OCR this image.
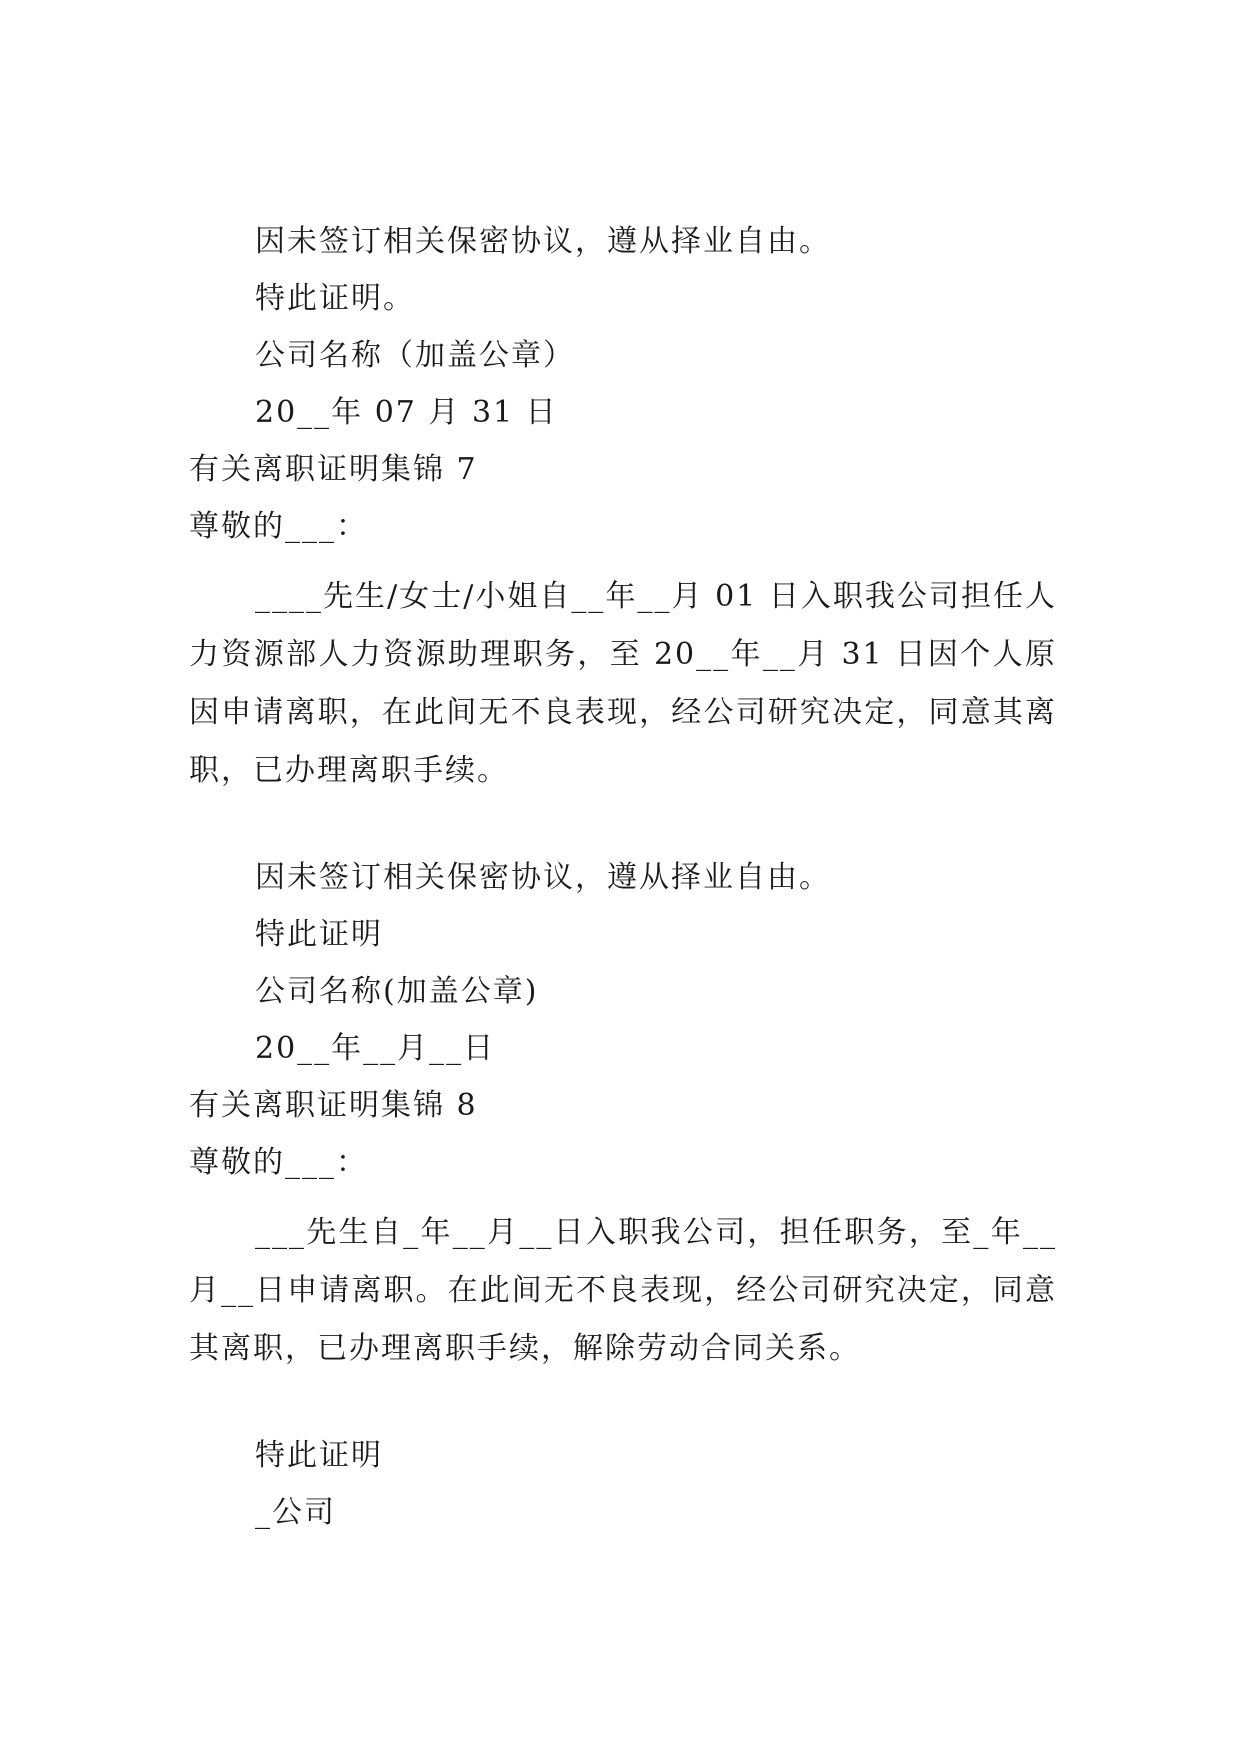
因未签订相关保密协议，遵从择业自由。
特此证明。
公司名称（加盖公章）
20__年 07 月 31 日
有关离职证明集锦 7
尊敬的___：
____先生/女士/小姐自__年__月 01 日入职我公司担任人力资源部人力资源助理职务，至 20__年__月 31 日因个人原因申请离职，在此间无不良表现，经公司研究决定，同意其离职，已办理离职手续。
因未签订相关保密协议，遵从择业自由。
特此证明
公司名称(加盖公章)
20__年__月__日
有关离职证明集锦 8
尊敬的___：
___先生自_年__月__日入职我公司，担任职务，至_年__月__日申请离职。在此间无不良表现，经公司研究决定，同意其离职，已办理离职手续，解除劳动合同关系。
特此证明
_公司
